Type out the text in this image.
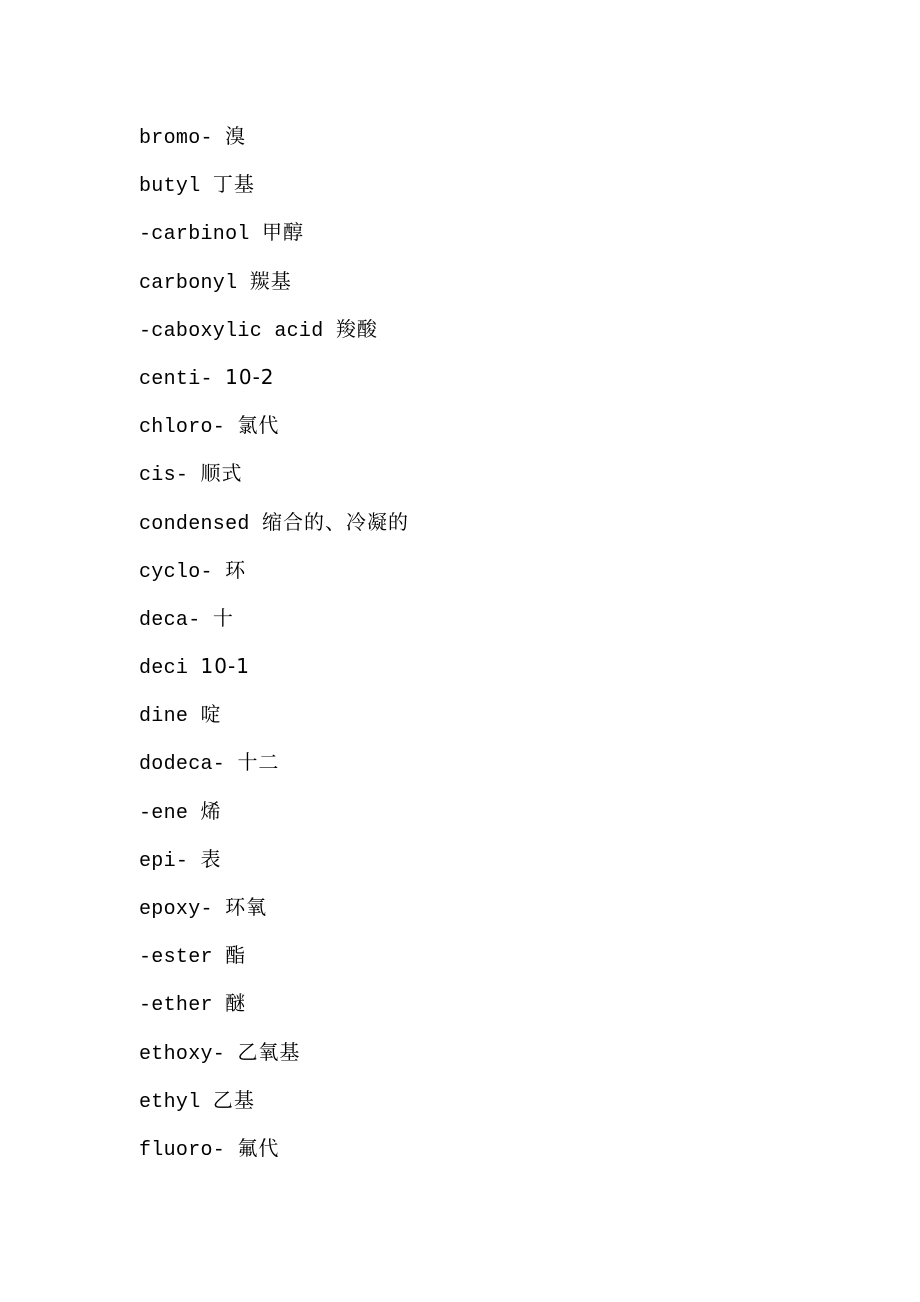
bromo- 溴
butyl 丁基
-carbinol 甲醇
carbonyl 羰基
-caboxylic acid 羧酸
centi- 10-2
chloro- 氯代
cis- 顺式
condensed 缩合的、冷凝的
cyclo- 环
deca- 十
deci 10-1
dine 啶
dodeca- 十二
-ene 烯
epi- 表
epoxy- 环氧
-ester 酯
-ether 醚
ethoxy- 乙氧基
ethyl 乙基
fluoro- 氟代
